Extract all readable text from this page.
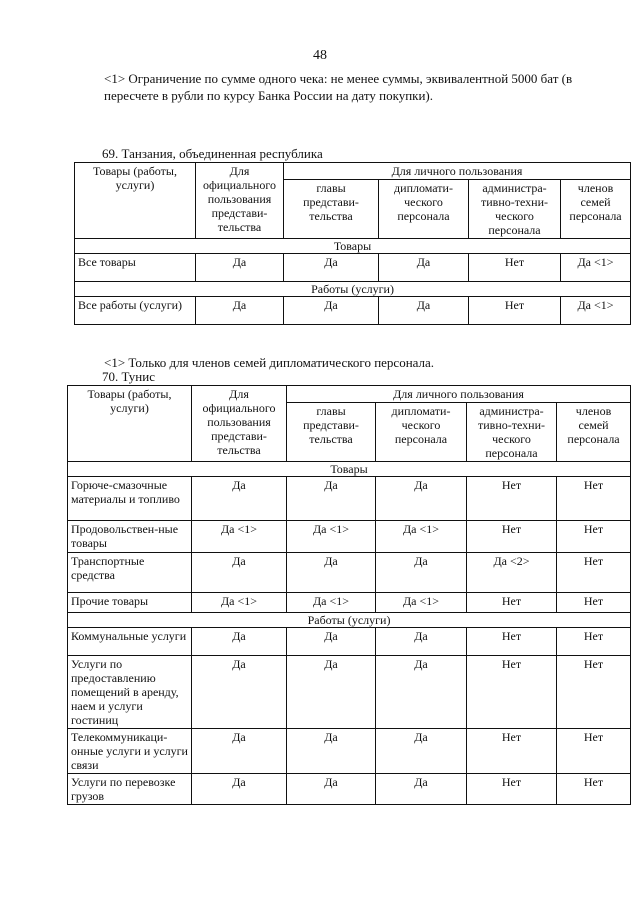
48
<1> Ограничение по сумме одного чека: не менее суммы, эквивалентной 5000 бат (в пересчете в рубли по курсу Банка России на дату покупки).
69. Танзания, объединенная республика
Товары (работы, услуги)	Для официального пользования представи-тельства	Для личного пользования			
		главы представи-тельства	дипломати-ческого персонала	администра-тивно-техни-ческого персонала	членов семей персонала
Товары					
Все товары	Да	Да	Да	Нет	Да <1>
Работы (услуги)					
Все работы (услуги)	Да	Да	Да	Нет	Да <1>
<1> Только для членов семей дипломатического персонала.
70. Тунис
Товары (работы, услуги)	Для официального пользования представи-тельства	Для личного пользования			
		главы представи-тельства	дипломати-ческого персонала	администра-тивно-техни-ческого персонала	членов семей персонала
Товары					
Горюче-смазочные материалы и топливо	Да	Да	Да	Нет	Нет
Продовольствен-ные товары	Да <1>	Да <1>	Да <1>	Нет	Нет
Транспортные средства	Да	Да	Да	Да <2>	Нет
Прочие товары	Да <1>	Да <1>	Да <1>	Нет	Нет
Работы (услуги)					
Коммунальные услуги	Да	Да	Да	Нет	Нет
Услуги по предоставлению помещений в аренду, наем и услуги гостиниц	Да	Да	Да	Нет	Нет
Телекоммуникаци-онные услуги и услуги связи	Да	Да	Да	Нет	Нет
Услуги по перевозке грузов	Да	Да	Да	Нет	Нет
